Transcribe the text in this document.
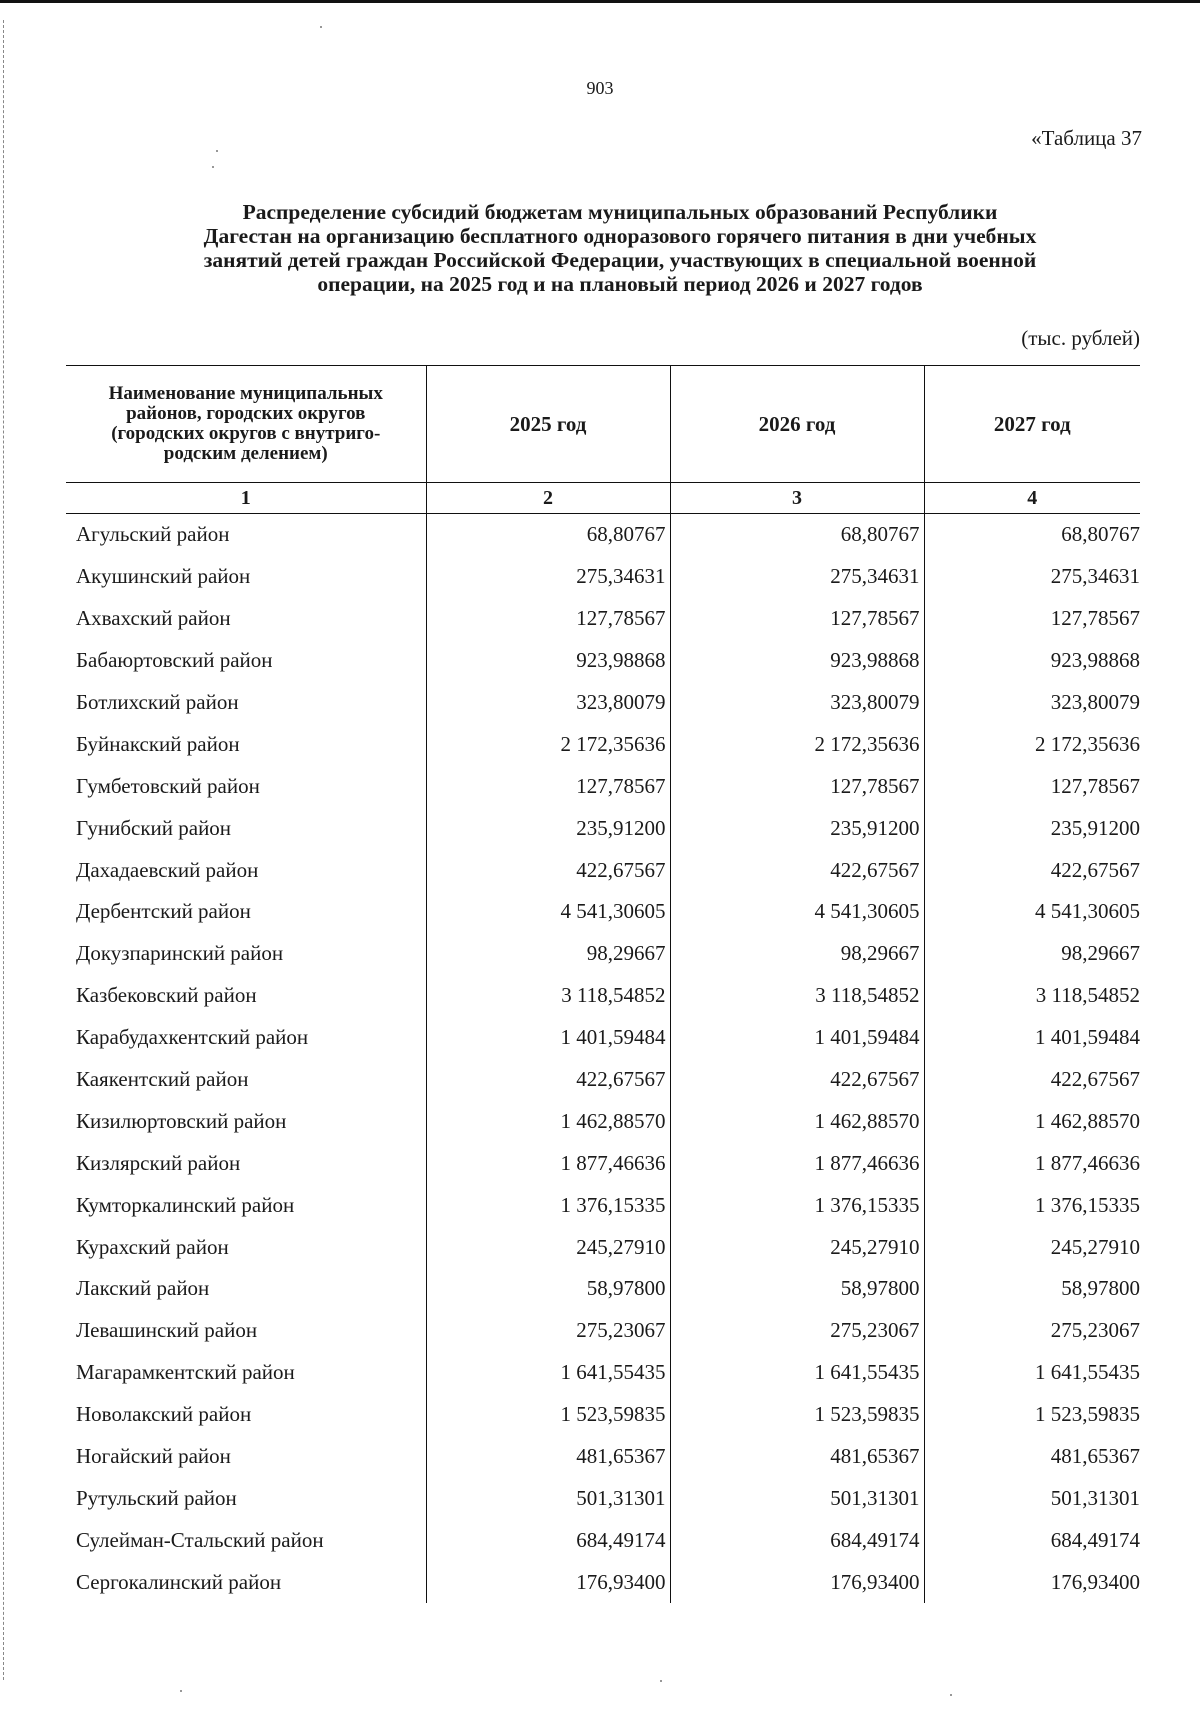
903
«Таблица 37
Распределение субсидий бюджетам муниципальных образований Республики
Дагестан на организацию бесплатного одноразового горячего питания в дни учебных
занятий детей граждан Российской Федерации, участвующих в специальной военной
операции, на 2025 год и на плановый период 2026 и 2027 годов
(тыс. рублей)
Наименование муниципальных
районов, городских округов
(городских округов с внутриго-
родским делением)	2025 год	2026 год	2027 год
1	2	3	4
Агульский район	68,80767	68,80767	68,80767
Акушинский район	275,34631	275,34631	275,34631
Ахвахский район	127,78567	127,78567	127,78567
Бабаюртовский район	923,98868	923,98868	923,98868
Ботлихский район	323,80079	323,80079	323,80079
Буйнакский район	2 172,35636	2 172,35636	2 172,35636
Гумбетовский район	127,78567	127,78567	127,78567
Гунибский район	235,91200	235,91200	235,91200
Дахадаевский район	422,67567	422,67567	422,67567
Дербентский район	4 541,30605	4 541,30605	4 541,30605
Докузпаринский район	98,29667	98,29667	98,29667
Казбековский район	3 118,54852	3 118,54852	3 118,54852
Карабудахкентский район	1 401,59484	1 401,59484	1 401,59484
Каякентский район	422,67567	422,67567	422,67567
Кизилюртовский район	1 462,88570	1 462,88570	1 462,88570
Кизлярский район	1 877,46636	1 877,46636	1 877,46636
Кумторкалинский район	1 376,15335	1 376,15335	1 376,15335
Курахский район	245,27910	245,27910	245,27910
Лакский район	58,97800	58,97800	58,97800
Левашинский район	275,23067	275,23067	275,23067
Магарамкентский район	1 641,55435	1 641,55435	1 641,55435
Новолакский район	1 523,59835	1 523,59835	1 523,59835
Ногайский район	481,65367	481,65367	481,65367
Рутульский район	501,31301	501,31301	501,31301
Сулейман-Стальский район	684,49174	684,49174	684,49174
Сергокалинский район	176,93400	176,93400	176,93400
